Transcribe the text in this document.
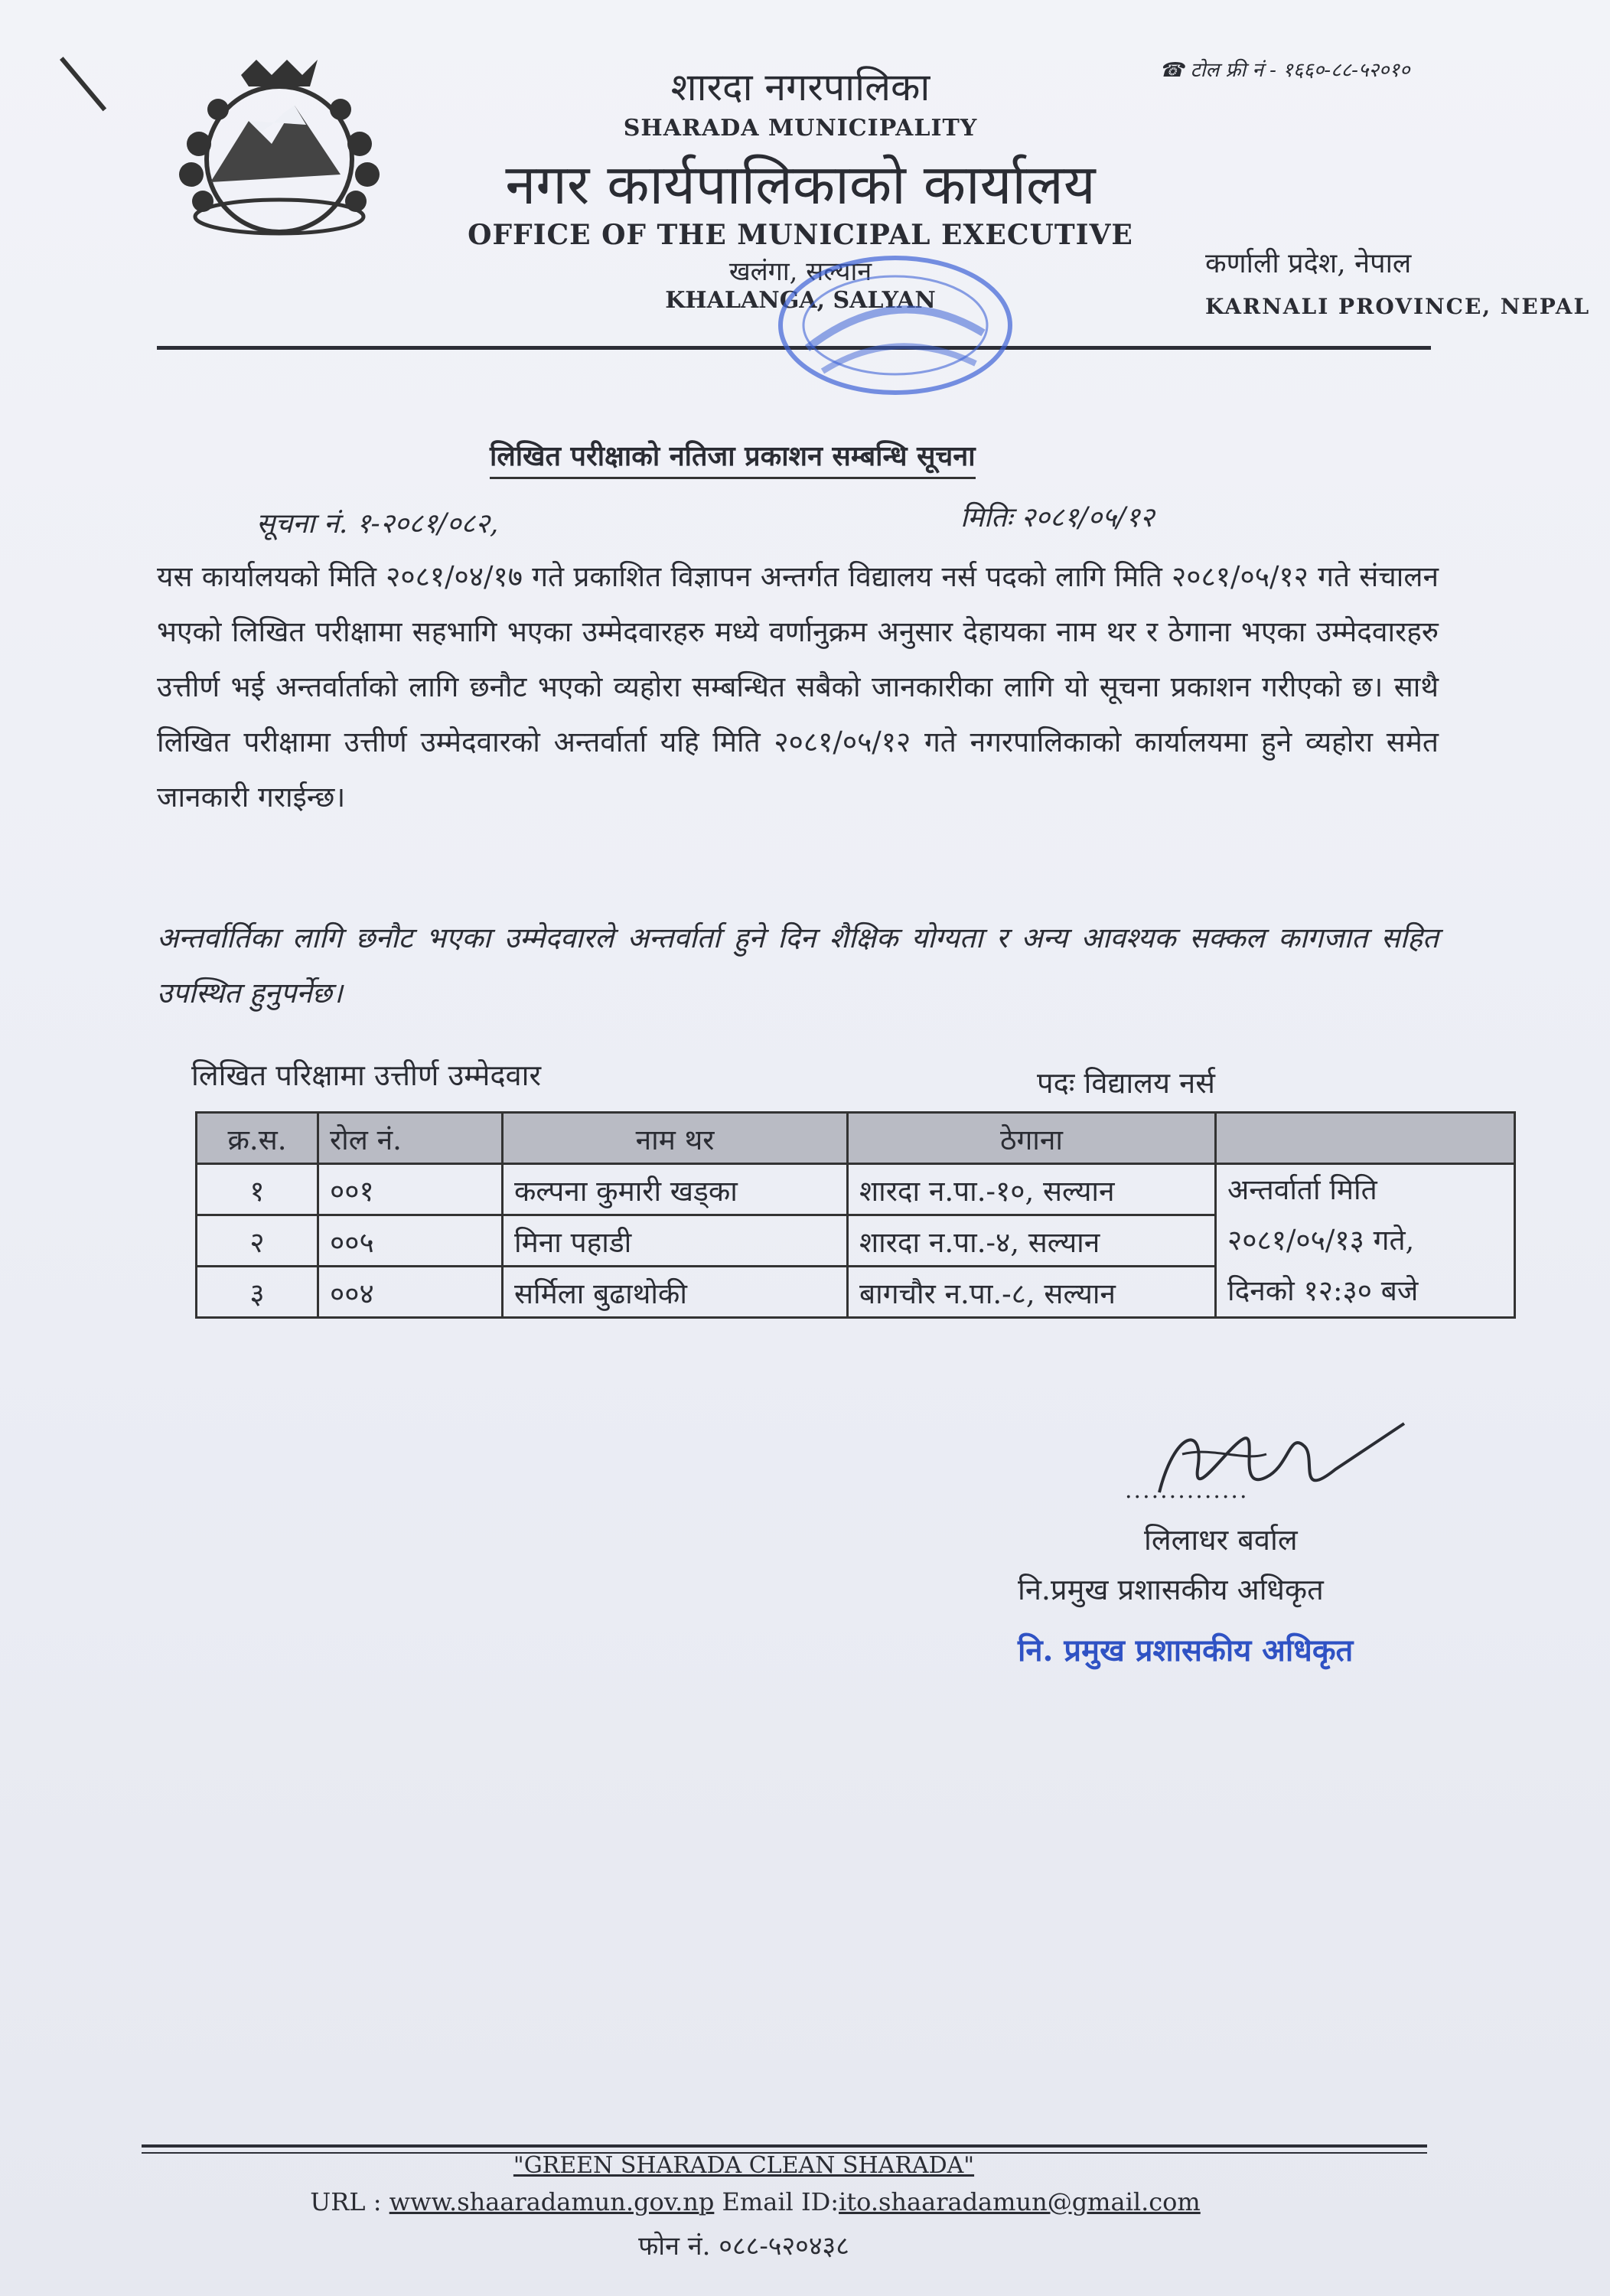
शारदा नगरपालिका
SHARADA MUNICIPALITY
नगर कार्यपालिकाको कार्यालय
OFFICE OF THE MUNICIPAL EXECUTIVE
खलंगा, सल्यान
KHALANGA, SALYAN
☎ टोल फ्री नं - १६६०-८८-५२०१०
कर्णाली प्रदेश, नेपाल
KARNALI PROVINCE, NEPAL
लिखित परीक्षाको नतिजा प्रकाशन सम्बन्धि सूचना
सूचना नं. १-२०८१/०८२,	मितिः २०८१/०५/१२
यस कार्यालयको मिति २०८१/०४/१७ गते प्रकाशित विज्ञापन अन्तर्गत विद्यालय नर्स पदको लागि मिति २०८१/०५/१२ गते संचालन भएको लिखित परीक्षामा सहभागि भएका उम्मेदवारहरु मध्ये वर्णानुक्रम अनुसार देहायका नाम थर र ठेगाना भएका उम्मेदवारहरु उत्तीर्ण भई अन्तर्वार्ताको लागि छनौट भएको व्यहोरा सम्बन्धित सबैको जानकारीका लागि यो सूचना प्रकाशन गरीएको छ। साथै लिखित परीक्षामा उत्तीर्ण उम्मेदवारको अन्तर्वार्ता यहि मिति २०८१/०५/१२ गते नगरपालिकाको कार्यालयमा हुने व्यहोरा समेत जानकारी गराईन्छ।
अन्तर्वार्तिका लागि छनौट भएका उम्मेदवारले अन्तर्वार्ता हुने दिन शैक्षिक योग्यता र अन्य आवश्यक सक्कल कागजात सहित उपस्थित हुनुपर्नेछ।
लिखित परिक्षामा उत्तीर्ण उम्मेदवार	पदः विद्यालय नर्स
क्र.स.	रोल नं.	नाम थर	ठेगाना	
१	००१	कल्पना कुमारी खड्का	शारदा न.पा.-१०, सल्यान	अन्तर्वार्ता मिति
२०८१/०५/१३ गते,
दिनको १२:३० बजे

२	००५	मिना पहाडी	शारदा न.पा.-४, सल्यान	
३	००४	सर्मिला बुढाथोकी	बागचौर न.पा.-८, सल्यान	
..............
लिलाधर बर्वाल
नि.प्रमुख प्रशासकीय अधिकृत
नि. प्रमुख प्रशासकीय अधिकृत
"GREEN SHARADA CLEAN SHARADA"
URL : www.shaaradamun.gov.np Email ID:ito.shaaradamun@gmail.com
फोन नं. ०८८-५२०४३८
